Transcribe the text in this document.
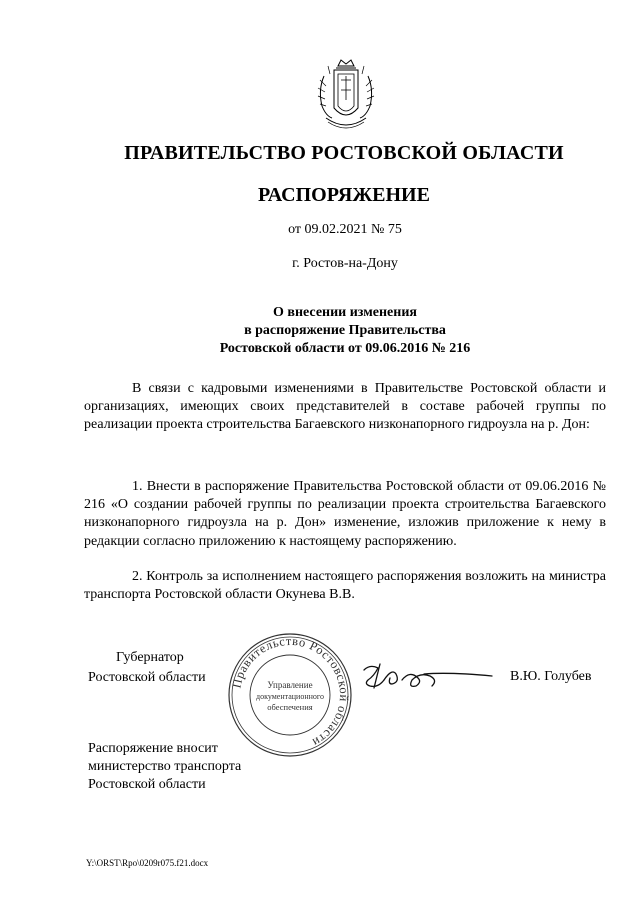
ПРАВИТЕЛЬСТВО РОСТОВСКОЙ ОБЛАСТИ
РАСПОРЯЖЕНИЕ
от 09.02.2021 № 75
г. Ростов-на-Дону
О внесении изменения
в распоряжение Правительства
Ростовской области от 09.06.2016 № 216
В связи с кадровыми изменениями в Правительстве Ростовской области и организациях, имеющих своих представителей в составе рабочей группы по реализации проекта строительства Багаевского низконапорного гидроузла на р. Дон:
1. Внести в распоряжение Правительства Ростовской области от 09.06.2016 № 216 «О создании рабочей группы по реализации проекта строительства Багаевского низконапорного гидроузла на р. Дон» изменение, изложив приложение к нему в редакции согласно приложению к настоящему распоряжению.
2. Контроль за исполнением настоящего распоряжения возложить на министра транспорта Ростовской области Окунева В.В.
Губернатор
Ростовской области Правительство Ростовской области
Управление
документационного
обеспечения
В.Ю. Голубев
Распоряжение вносит
министерство транспорта
Ростовской области
Y:\ORST\Rpo\0209r075.f21.docx
